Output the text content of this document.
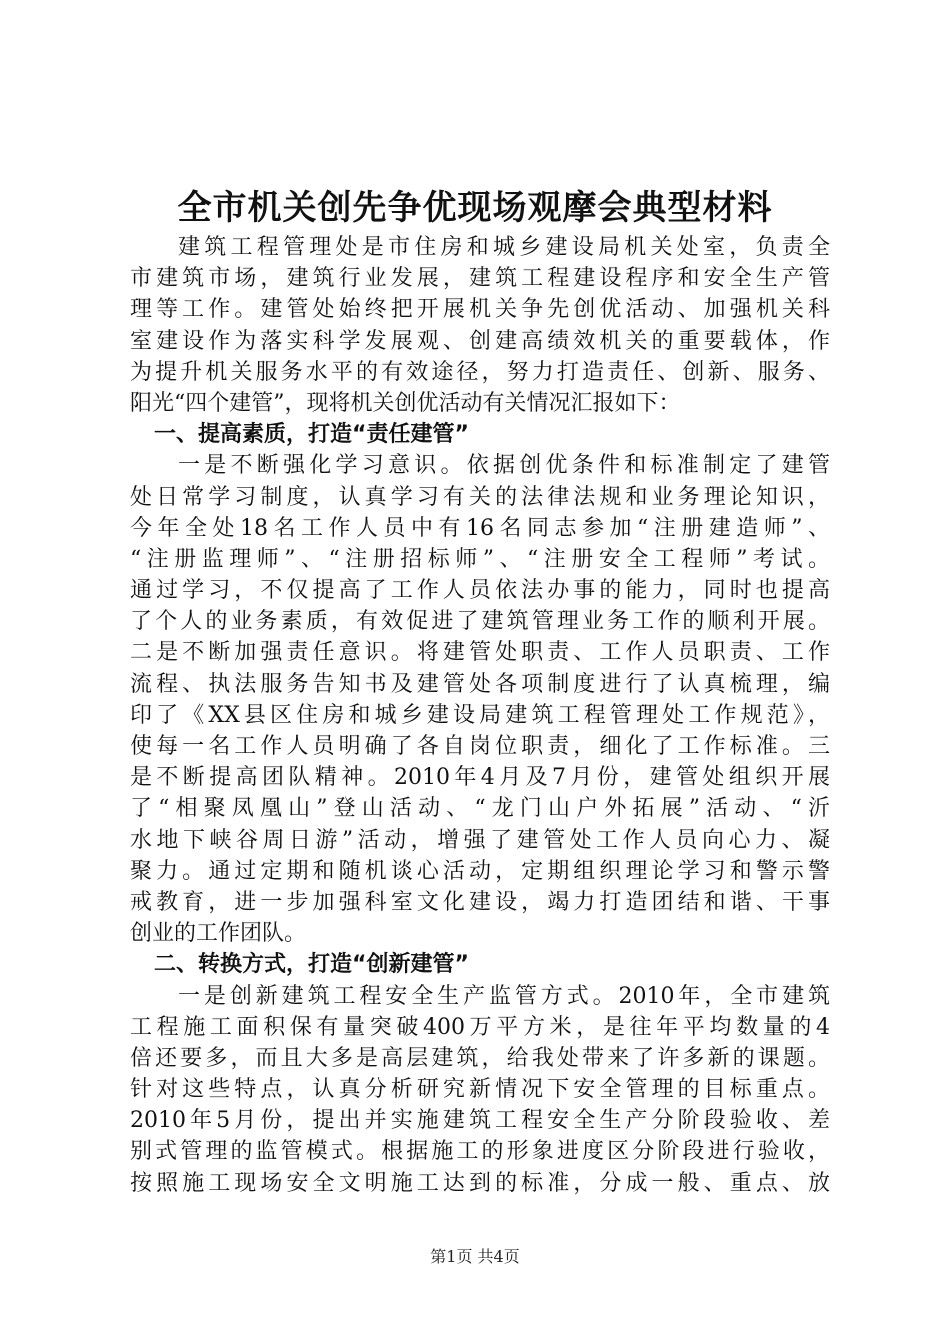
全市机关创先争优现场观摩会典型材料
建筑工程管理处是市住房和城乡建设局机关处室，负责全
市建筑市场，建筑行业发展，建筑工程建设程序和安全生产管
理等工作。建管处始终把开展机关争先创优活动、加强机关科
室建设作为落实科学发展观、创建高绩效机关的重要载体，作
为提升机关服务水平的有效途径，努力打造责任、创新、服务、
阳光“四个建管”，现将机关创优活动有关情况汇报如下：
一、提高素质，打造“责任建管”
一是不断强化学习意识。依据创优条件和标准制定了建管
处日常学习制度，认真学习有关的法律法规和业务理论知识，
今年全处18名工作人员中有16名同志参加“注册建造师”、
“注册监理师”、“注册招标师”、“注册安全工程师”考试。
通过学习，不仅提高了工作人员依法办事的能力，同时也提高
了个人的业务素质，有效促进了建筑管理业务工作的顺利开展。
二是不断加强责任意识。将建管处职责、工作人员职责、工作
流程、执法服务告知书及建管处各项制度进行了认真梳理，编
印了《XX县区住房和城乡建设局建筑工程管理处工作规范》，
使每一名工作人员明确了各自岗位职责，细化了工作标准。三
是不断提高团队精神。2010年4月及7月份，建管处组织开展
了“相聚凤凰山”登山活动、“龙门山户外拓展”活动、“沂
水地下峡谷周日游”活动，增强了建管处工作人员向心力、凝
聚力。通过定期和随机谈心活动，定期组织理论学习和警示警
戒教育，进一步加强科室文化建设，竭力打造团结和谐、干事
创业的工作团队。
二、转换方式，打造“创新建管”
一是创新建筑工程安全生产监管方式。2010年，全市建筑
工程施工面积保有量突破400万平方米，是往年平均数量的4
倍还要多，而且大多是高层建筑，给我处带来了许多新的课题。
针对这些特点，认真分析研究新情况下安全管理的目标重点。
2010年5月份，提出并实施建筑工程安全生产分阶段验收、差
别式管理的监管模式。根据施工的形象进度区分阶段进行验收，
按照施工现场安全文明施工达到的标准，分成一般、重点、放
第1页 共4页
